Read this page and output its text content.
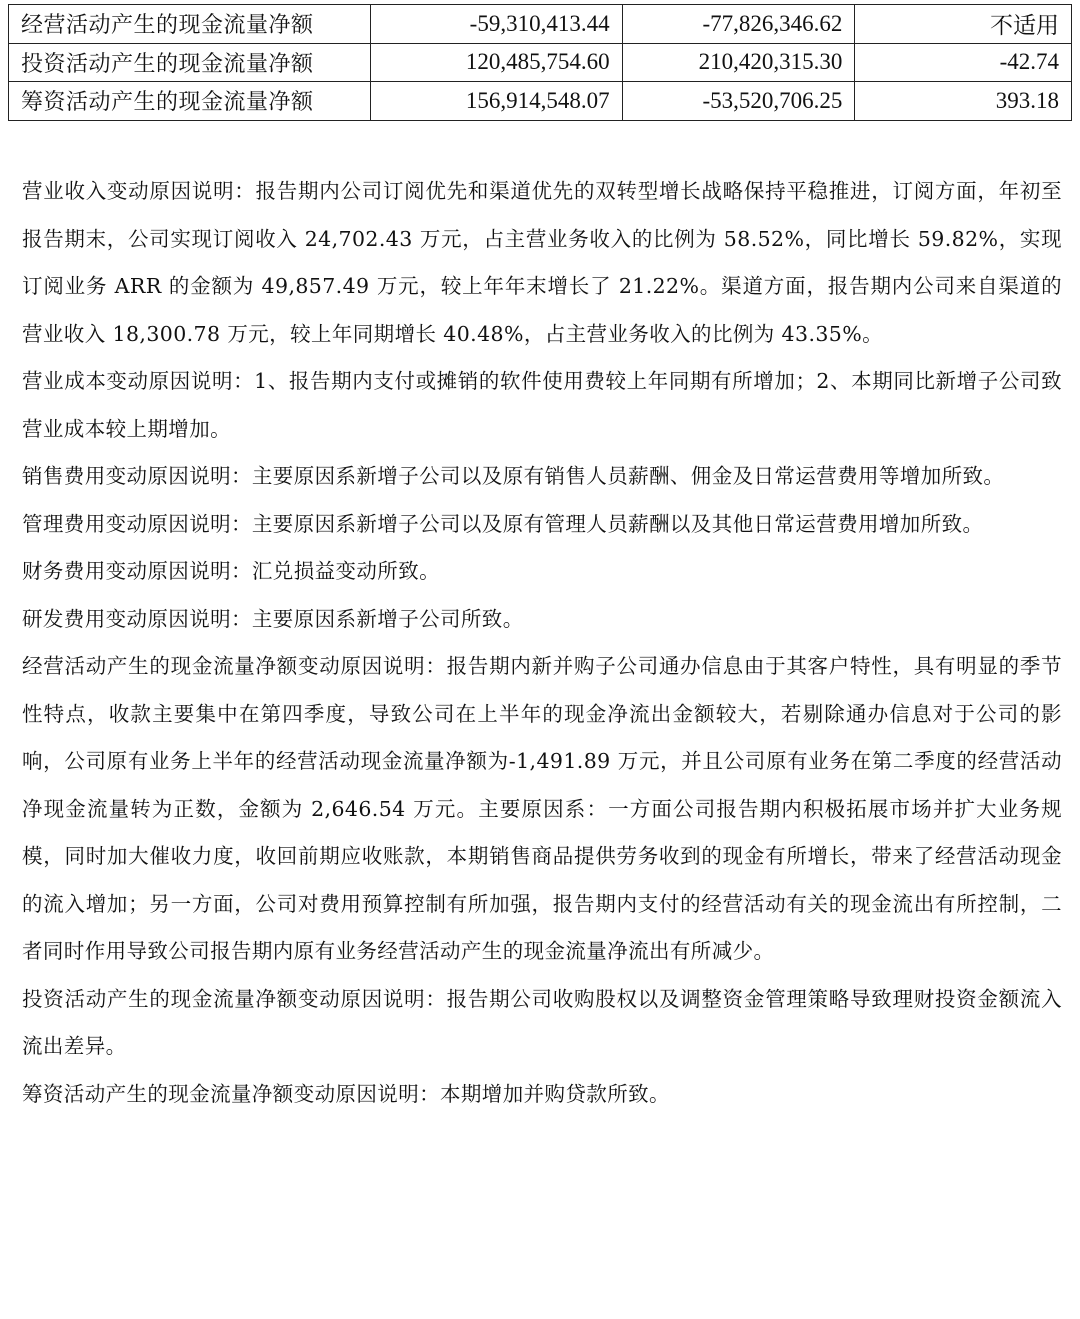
经营活动产生的现金流量净额	-59,310,413.44	-77,826,346.62	不适用
投资活动产生的现金流量净额	120,485,754.60	210,420,315.30	-42.74
筹资活动产生的现金流量净额	156,914,548.07	-53,520,706.25	393.18

营业收入变动原因说明：报告期内公司订阅优先和渠道优先的双转型增长战略保持平稳推进，订阅方面，年初至报告期末，公司实现订阅收入 24,702.43 万元，占主营业务收入的比例为 58.52%，同比增长 59.82%，实现订阅业务 ARR 的金额为 49,857.49 万元，较上年年末增长了 21.22%。渠道方面，报告期内公司来自渠道的营业收入 18,300.78 万元，较上年同期增长 40.48%，占主营业务收入的比例为 43.35%。

营业成本变动原因说明：1、报告期内支付或摊销的软件使用费较上年同期有所增加；2、本期同比新增子公司致营业成本较上期增加。

销售费用变动原因说明：主要原因系新增子公司以及原有销售人员薪酬、佣金及日常运营费用等增加所致。

管理费用变动原因说明：主要原因系新增子公司以及原有管理人员薪酬以及其他日常运营费用增加所致。

财务费用变动原因说明：汇兑损益变动所致。

研发费用变动原因说明：主要原因系新增子公司所致。

经营活动产生的现金流量净额变动原因说明：报告期内新并购子公司通办信息由于其客户特性，具有明显的季节性特点，收款主要集中在第四季度，导致公司在上半年的现金净流出金额较大，若剔除通办信息对于公司的影响，公司原有业务上半年的经营活动现金流量净额为-1,491.89 万元，并且公司原有业务在第二季度的经营活动净现金流量转为正数，金额为 2,646.54 万元。主要原因系：一方面公司报告期内积极拓展市场并扩大业务规模，同时加大催收力度，收回前期应收账款，本期销售商品提供劳务收到的现金有所增长，带来了经营活动现金的流入增加；另一方面，公司对费用预算控制有所加强，报告期内支付的经营活动有关的现金流出有所控制，二者同时作用导致公司报告期内原有业务经营活动产生的现金流量净流出有所减少。

投资活动产生的现金流量净额变动原因说明：报告期公司收购股权以及调整资金管理策略导致理财投资金额流入流出差异。

筹资活动产生的现金流量净额变动原因说明：本期增加并购贷款所致。
